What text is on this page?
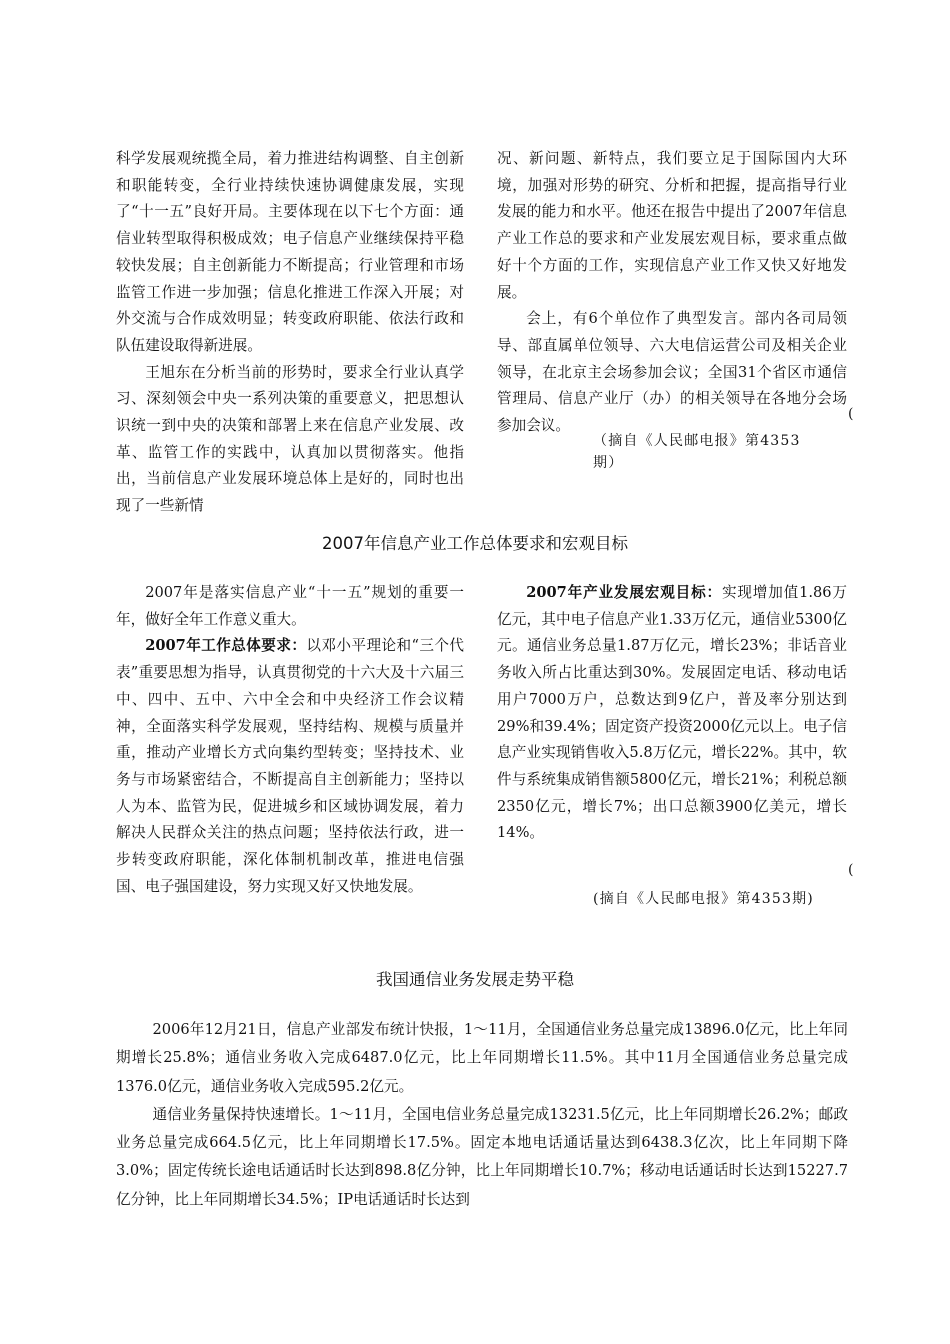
科学发展观统揽全局，着力推进结构调整、自主创新和职能转变，全行业持续快速协调健康发展，实现了“十一五”良好开局。主要体现在以下七个方面：通信业转型取得积极成效；电子信息产业继续保持平稳较快发展；自主创新能力不断提高；行业管理和市场监管工作进一步加强；信息化推进工作深入开展；对外交流与合作成效明显；转变政府职能、依法行政和队伍建设取得新进展。

王旭东在分析当前的形势时，要求全行业认真学习、深刻领会中央一系列决策的重要意义，把思想认识统一到中央的决策和部署上来在信息产业发展、改革、监管工作的实践中，认真加以贯彻落实。他指出，当前信息产业发展环境总体上是好的，同时也出现了一些新情

况、新问题、新特点，我们要立足于国际国内大环境，加强对形势的研究、分析和把握，提高指导行业发展的能力和水平。他还在报告中提出了2007年信息产业工作总的要求和产业发展宏观目标，要求重点做好十个方面的工作，实现信息产业工作又快又好地发展。

会上，有6个单位作了典型发言。部内各司局领导、部直属单位领导、六大电信运营公司及相关企业领导，在北京主会场参加会议；全国31个省区市通信管理局、信息产业厅（办）的相关领导在各地分会场参加会议。

(
（摘自《人民邮电报》第4353
期）
2007年信息产业工作总体要求和宏观目标

2007年是落实信息产业“十一五”规划的重要一年，做好全年工作意义重大。

2007年工作总体要求：以邓小平理论和“三个代表”重要思想为指导，认真贯彻党的十六大及十六届三中、四中、五中、六中全会和中央经济工作会议精神，全面落实科学发展观，坚持结构、规模与质量并重，推动产业增长方式向集约型转变；坚持技术、业务与市场紧密结合，不断提高自主创新能力；坚持以人为本、监管为民，促进城乡和区域协调发展，着力解决人民群众关注的热点问题；坚持依法行政，进一步转变政府职能，深化体制机制改革，推进电信强国、电子强国建设，努力实现又好又快地发展。

2007年产业发展宏观目标：实现增加值1.86万亿元，其中电子信息产业1.33万亿元，通信业5300亿元。通信业务总量1.87万亿元，增长23%；非话音业务收入所占比重达到30%。发展固定电话、移动电话用户7000万户，总数达到9亿户，普及率分别达到29%和39.4%；固定资产投资2000亿元以上。电子信息产业实现销售收入5.8万亿元，增长22%。其中，软件与系统集成销售额5800亿元，增长21%；利税总额2350亿元，增长7%；出口总额3900亿美元，增长14%。

(
(摘自《人民邮电报》第4353期)
我国通信业务发展走势平稳

2006年12月21日，信息产业部发布统计快报，1～11月，全国通信业务总量完成13896.0亿元，比上年同期增长25.8%；通信业务收入完成6487.0亿元，比上年同期增长11.5%。其中11月全国通信业务总量完成1376.0亿元，通信业务收入完成595.2亿元。

通信业务量保持快速增长。1～11月，全国电信业务总量完成13231.5亿元，比上年同期增长26.2%；邮政业务总量完成664.5亿元，比上年同期增长17.5%。固定本地电话通话量达到6438.3亿次，比上年同期下降3.0%；固定传统长途电话通话时长达到898.8亿分钟，比上年同期增长10.7%；移动电话通话时长达到15227.7亿分钟，比上年同期增长34.5%；IP电话通话时长达到
